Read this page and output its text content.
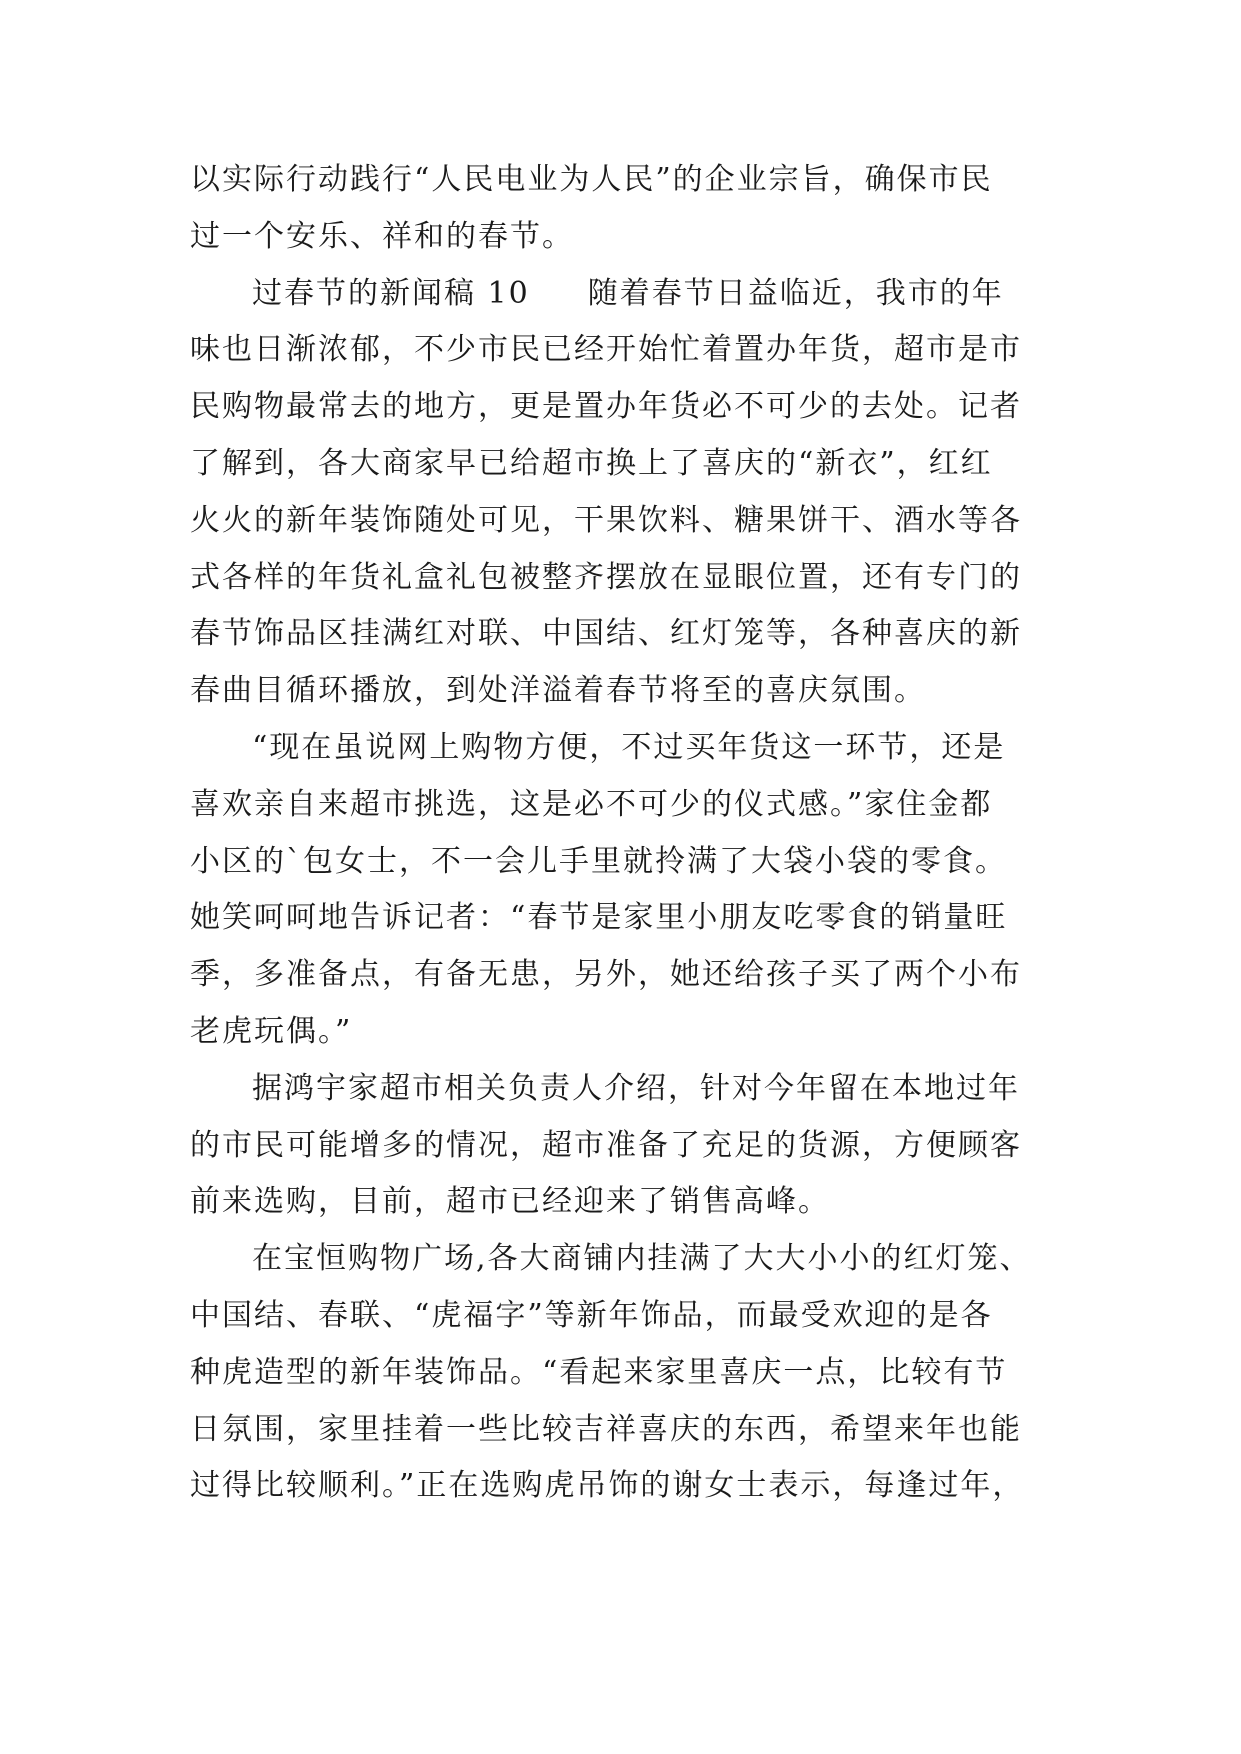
以实际行动践行“人民电业为人民”的企业宗旨，确保市民
过一个安乐、祥和的春节。
过春节的新闻稿 10 随着春节日益临近，我市的年
味也日渐浓郁，不少市民已经开始忙着置办年货，超市是市
民购物最常去的地方，更是置办年货必不可少的去处。记者
了解到，各大商家早已给超市换上了喜庆的“新衣”，红红
火火的新年装饰随处可见，干果饮料、糖果饼干、酒水等各
式各样的年货礼盒礼包被整齐摆放在显眼位置，还有专门的
春节饰品区挂满红对联、中国结、红灯笼等，各种喜庆的新
春曲目循环播放，到处洋溢着春节将至的喜庆氛围。
“现在虽说网上购物方便，不过买年货这一环节，还是
喜欢亲自来超市挑选，这是必不可少的仪式感。”家住金都
小区的`包女士，不一会儿手里就拎满了大袋小袋的零食。
她笑呵呵地告诉记者：“春节是家里小朋友吃零食的销量旺
季，多准备点，有备无患，另外，她还给孩子买了两个小布
老虎玩偶。”
据鸿宇家超市相关负责人介绍，针对今年留在本地过年
的市民可能增多的情况，超市准备了充足的货源，方便顾客
前来选购，目前，超市已经迎来了销售高峰。
在宝恒购物广场,各大商铺内挂满了大大小小的红灯笼、
中国结、春联、“虎福字”等新年饰品，而最受欢迎的是各
种虎造型的新年装饰品。“看起来家里喜庆一点，比较有节
日氛围，家里挂着一些比较吉祥喜庆的东西，希望来年也能
过得比较顺利。”正在选购虎吊饰的谢女士表示，每逢过年，
